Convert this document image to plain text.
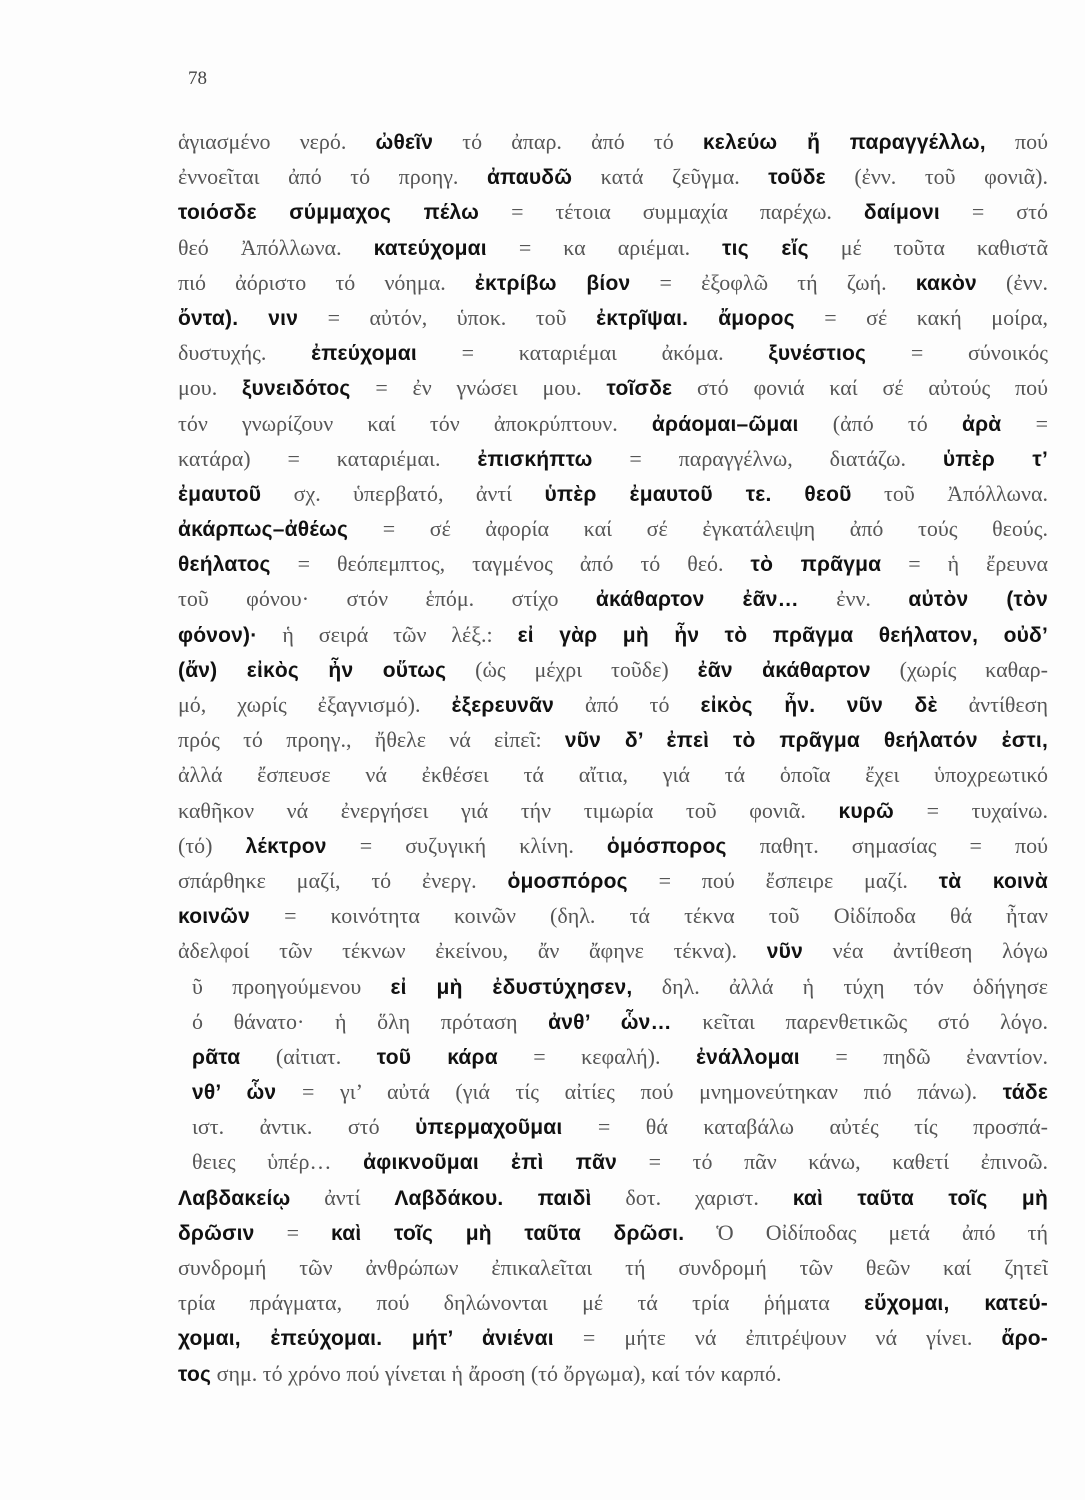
78
ἁγιασμένο νερό. ὠθεῖν τό ἀπαρ. ἀπό τό κελεύω ἤ παραγγέλλω, πού
ἐννοεῖται ἀπό τό προηγ. ἀπαυδῶ κατά ζεῦγμα. τοῦδε (ἐνν. τοῦ φονιᾶ).
τοιόσδε σύμμαχος πέλω = τέτοια συμμαχία παρέχω. δαίμονι = στό
θεό Ἀπόλλωνα. κατεύχομαι = κα αριέμαι. τις εἴς μέ τοῦτα καθιστᾶ
πιό ἀόριστο τό νόημα. ἐκτρίβω βίον = ἐξοφλῶ τή ζωή. κακὸν (ἐνν.
ὄντα). νιν = αὐτόν, ὑποκ. τοῦ ἐκτρῖψαι. ἄμορος = σέ κακή μοίρα,
δυστυχής. ἐπεύχομαι = καταριέμαι ἀκόμα. ξυνέστιος = σύνοικός
μου. ξυνειδότος = ἐν γνώσει μου. τοῖσδε στό φονιά καί σέ αὐτούς πού
τόν γνωρίζουν καί τόν ἀποκρύπτουν. ἀράομαι–ῶμαι (ἀπό τό ἀρὰ =
κατάρα) = καταριέμαι. ἐπισκήπτω = παραγγέλνω, διατάζω. ὑπὲρ τ’
ἐμαυτοῦ σχ. ὑπερβατό, ἀντί ὑπὲρ ἐμαυτοῦ τε. θεοῦ τοῦ Ἀπόλλωνα.
ἀκάρπως–ἀθέως = σέ ἀφορία καί σέ ἐγκατάλειψη ἀπό τούς θεούς.
θεήλατος = θεόπεμπτος, ταγμένος ἀπό τό θεό. τὸ πρᾶγμα = ἡ ἔρευνα
τοῦ φόνου· στόν ἑπόμ. στίχο ἀκάθαρτον ἐᾶν… ἐνν. αὐτὸν (τὸν
φόνον)· ἡ σειρά τῶν λέξ.: εἰ γὰρ μὴ ἦν τὸ πρᾶγμα θεήλατον, οὐδ’
(ἄν) εἰκὸς ἦν οὕτως (ὡς μέχρι τοῦδε) ἐᾶν ἀκάθαρτον (χωρίς καθαρ-
μό, χωρίς ἐξαγνισμό). ἐξερευνᾶν ἀπό τό εἰκὸς ἦν. νῦν δὲ ἀντίθεση
πρός τό προηγ., ἤθελε νά εἰπεῖ: νῦν δ’ ἐπεὶ τὸ πρᾶγμα θεήλατόν ἐστι,
ἀλλά ἔσπευσε νά ἐκθέσει τά αἴτια, γιά τά ὁποῖα ἔχει ὑποχρεωτικό
καθῆκον νά ἐνεργήσει γιά τήν τιμωρία τοῦ φονιᾶ. κυρῶ = τυχαίνω.
(τό) λέκτρον = συζυγική κλίνη. ὁμόσπορος παθητ. σημασίας = πού
σπάρθηκε μαζί, τό ἐνεργ. ὁμοσπόρος = πού ἔσπειρε μαζί. τὰ κοινὰ
κοινῶν = κοινότητα κοινῶν (δηλ. τά τέκνα τοῦ Οἰδίποδα θά ἦταν
ἀδελφοί τῶν τέκνων ἐκείνου, ἄν ἄφηνε τέκνα). νῦν νέα ἀντίθεση λόγω
ῦ προηγούμενου εἰ μὴ ἐδυστύχησεν, δηλ. ἀλλά ἡ τύχη τόν ὁδήγησε
ό θάνατο· ἡ ὅλη πρόταση ἀνθ’ ὧν… κεῖται παρενθετικῶς στό λόγο.
ρᾶτα (αἰτιατ. τοῦ κάρα = κεφαλή). ἐνάλλομαι = πηδῶ ἐναντίον.
νθ’ ὧν = γι’ αὐτά (γιά τίς αἰτίες πού μνημονεύτηκαν πιό πάνω). τάδε
ιστ. ἀντικ. στό ὑπερμαχοῦμαι = θά καταβάλω αὐτές τίς προσπά-
θειες ὑπέρ… ἀφικνοῦμαι ἐπὶ πᾶν = τό πᾶν κάνω, καθετί ἐπινοῶ.
Λαβδακείῳ ἀντί Λαβδάκου. παιδὶ δοτ. χαριστ. καὶ ταῦτα τοῖς μὴ
δρῶσιν = καὶ τοῖς μὴ ταῦτα δρῶσι. Ὁ Οἰδίποδας μετά ἀπό τή
συνδρομή τῶν ἀνθρώπων ἐπικαλεῖται τή συνδρομή τῶν θεῶν καί ζητεῖ
τρία πράγματα, πού δηλώνονται μέ τά τρία ῥήματα εὔχομαι, κατεύ-
χομαι, ἐπεύχομαι. μήτ’ ἀνιέναι = μήτε νά ἐπιτρέψουν νά γίνει. ἄρο-
τος σημ. τό χρόνο πού γίνεται ἡ ἄροση (τό ὄργωμα), καί τόν καρπό.
